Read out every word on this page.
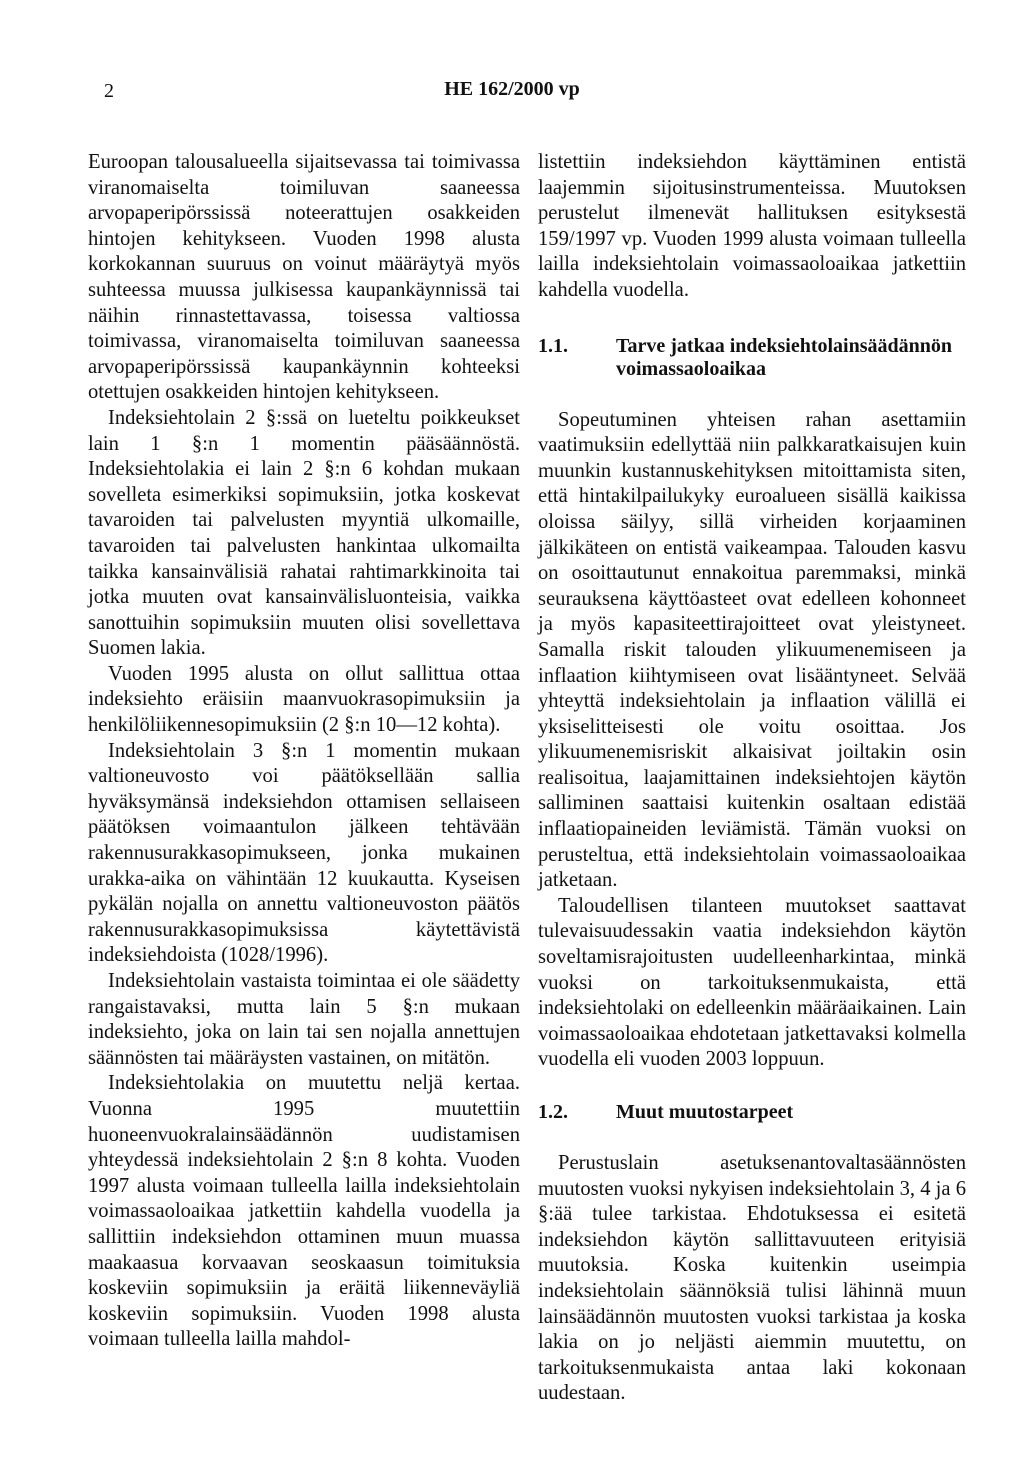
2	HE 162/2000 vp

Euroopan talousalueella sijaitsevassa tai toimivassa viranomaiselta toimiluvan saaneessa arvopaperipörssissä noteerattujen osakkeiden hintojen kehitykseen. Vuoden 1998 alusta korkokannan suuruus on voinut määräytyä myös suhteessa muussa julkisessa kaupankäynnissä tai näihin rinnastettavassa, toisessa valtiossa toimivassa, viranomaiselta toimiluvan saaneessa arvopaperipörssissä kaupankäynnin kohteeksi otettujen osakkeiden hintojen kehitykseen.

Indeksiehtolain 2 §:ssä on lueteltu poikkeukset lain 1 §:n 1 momentin pääsäännöstä. Indeksiehtolakia ei lain 2 §:n 6 kohdan mukaan sovelleta esimerkiksi sopimuksiin, jotka koskevat tavaroiden tai palvelusten myyntiä ulkomaille, tavaroiden tai palvelusten hankintaa ulkomailta taikka kansainvälisiä rahatai rahtimarkkinoita tai jotka muuten ovat kansainvälisluonteisia, vaikka sanottuihin sopimuksiin muuten olisi sovellettava Suomen lakia.

Vuoden 1995 alusta on ollut sallittua ottaa indeksiehto eräisiin maanvuokrasopimuksiin ja henkilöliikennesopimuksiin (2 §:n 10—12 kohta).

Indeksiehtolain 3 §:n 1 momentin mukaan valtioneuvosto voi päätöksellään sallia hyväksymänsä indeksiehdon ottamisen sellaiseen päätöksen voimaantulon jälkeen tehtävään rakennusurakkasopimukseen, jonka mukainen urakka-aika on vähintään 12 kuukautta. Kyseisen pykälän nojalla on annettu valtioneuvoston päätös rakennusurakkasopimuksissa käytettävistä indeksiehdoista (1028/1996).

Indeksiehtolain vastaista toimintaa ei ole säädetty rangaistavaksi, mutta lain 5 §:n mukaan indeksiehto, joka on lain tai sen nojalla annettujen säännösten tai määräysten vastainen, on mitätön.

Indeksiehtolakia on muutettu neljä kertaa. Vuonna 1995 muutettiin huoneenvuokralainsäädännön uudistamisen yhteydessä indeksiehtolain 2 §:n 8 kohta. Vuoden 1997 alusta voimaan tulleella lailla indeksiehtolain voimassaoloaikaa jatkettiin kahdella vuodella ja sallittiin indeksiehdon ottaminen muun muassa maakaasua korvaavan seoskaasun toimituksia koskeviin sopimuksiin ja eräitä liikenneväyliä koskeviin sopimuksiin. Vuoden 1998 alusta voimaan tulleella lailla mahdol-

listettiin indeksiehdon käyttäminen entistä laajemmin sijoitusinstrumenteissa. Muutoksen perustelut ilmenevät hallituksen esityksestä 159/1997 vp. Vuoden 1999 alusta voimaan tulleella lailla indeksiehtolain voimassaoloaikaa jatkettiin kahdella vuodella.

1.1.	Tarve jatkaa indeksiehtolainsäädännön voimassaoloaikaa

Sopeutuminen yhteisen rahan asettamiin vaatimuksiin edellyttää niin palkkaratkaisujen kuin muunkin kustannuskehityksen mitoittamista siten, että hintakilpailukyky euroalueen sisällä kaikissa oloissa säilyy, sillä virheiden korjaaminen jälkikäteen on entistä vaikeampaa. Talouden kasvu on osoittautunut ennakoitua paremmaksi, minkä seurauksena käyttöasteet ovat edelleen kohonneet ja myös kapasiteettirajoitteet ovat yleistyneet. Samalla riskit talouden ylikuumenemiseen ja inflaation kiihtymiseen ovat lisääntyneet. Selvää yhteyttä indeksiehtolain ja inflaation välillä ei yksiselitteisesti ole voitu osoittaa. Jos ylikuumenemisriskit alkaisivat joiltakin osin realisoitua, laajamittainen indeksiehtojen käytön salliminen saattaisi kuitenkin osaltaan edistää inflaatiopaineiden leviämistä. Tämän vuoksi on perusteltua, että indeksiehtolain voimassaoloaikaa jatketaan.

Taloudellisen tilanteen muutokset saattavat tulevaisuudessakin vaatia indeksiehdon käytön soveltamisrajoitusten uudelleenharkintaa, minkä vuoksi on tarkoituksenmukaista, että indeksiehtolaki on edelleenkin määräaikainen. Lain voimassaoloaikaa ehdotetaan jatkettavaksi kolmella vuodella eli vuoden 2003 loppuun.

1.2.	Muut muutostarpeet

Perustuslain asetuksenantovaltasäännösten muutosten vuoksi nykyisen indeksiehtolain 3, 4 ja 6 §:ää tulee tarkistaa. Ehdotuksessa ei esitetä indeksiehdon käytön sallittavuuteen erityisiä muutoksia. Koska kuitenkin useimpia indeksiehtolain säännöksiä tulisi lähinnä muun lainsäädännön muutosten vuoksi tarkistaa ja koska lakia on jo neljästi aiemmin muutettu, on tarkoituksenmukaista antaa laki kokonaan uudestaan.
